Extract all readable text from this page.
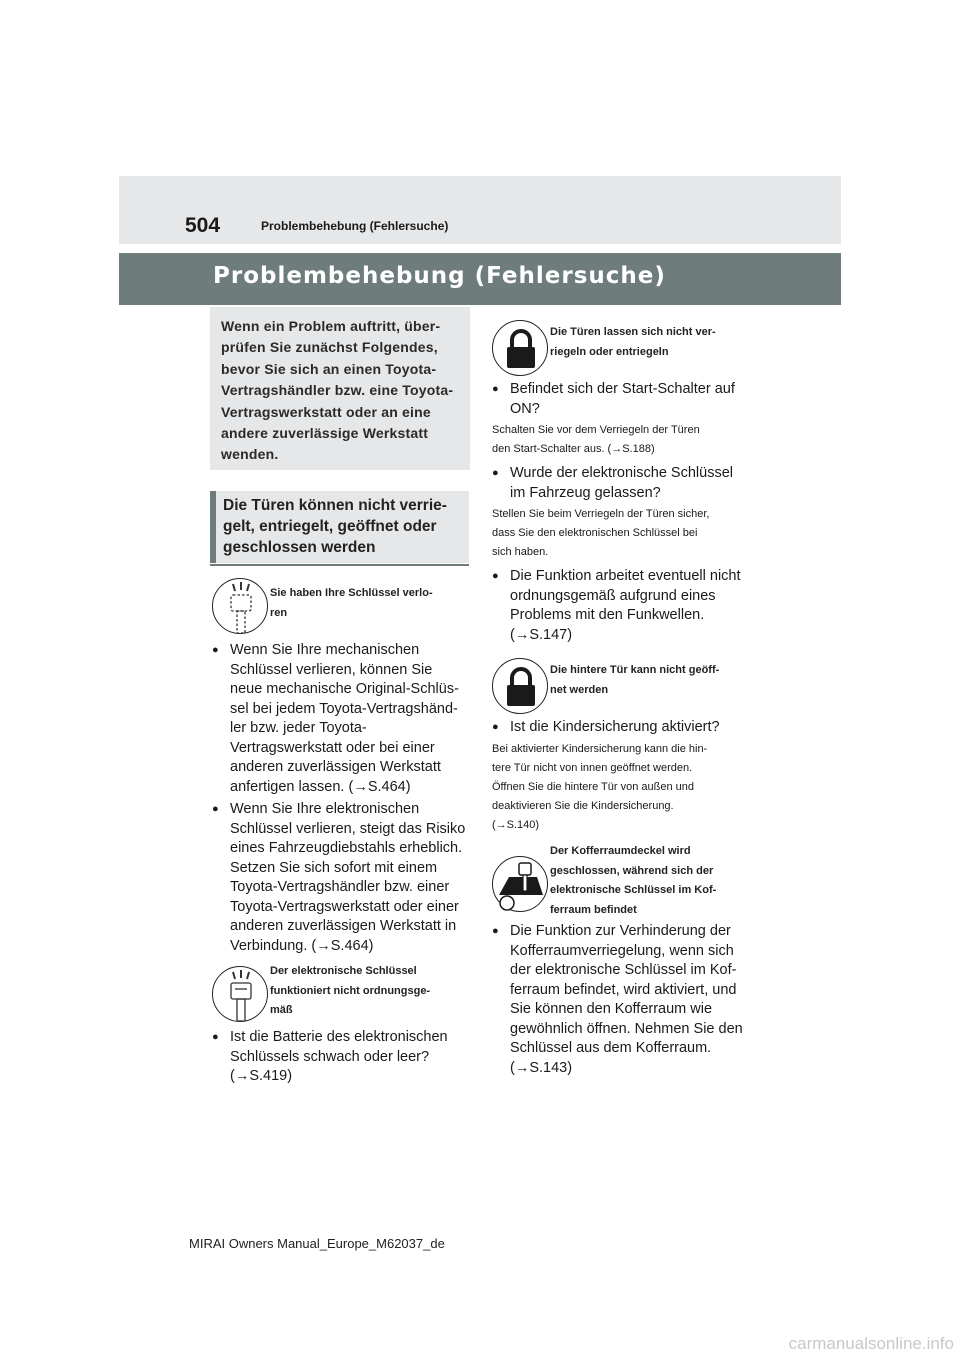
504	Problembehebung (Fehlersuche)
Problembehebung (Fehlersuche)
Wenn ein Problem auftritt, über-
prüfen Sie zunächst Folgendes,
bevor Sie sich an einen Toyota-
Vertragshändler bzw. eine Toyota-
Vertragswerkstatt oder an eine
andere zuverlässige Werkstatt
wenden.
Die Türen können nicht verrie-
gelt, entriegelt, geöffnet oder
geschlossen werden
Sie haben Ihre Schlüssel verlo-
ren
● Wenn Sie Ihre mechanischen
Schlüssel verlieren, können Sie
neue mechanische Original-Schlüs-
sel bei jedem Toyota-Vertragshänd-
ler bzw. jeder Toyota-
Vertragswerkstatt oder bei einer
anderen zuverlässigen Werkstatt
anfertigen lassen. (→S.464)
● Wenn Sie Ihre elektronischen
Schlüssel verlieren, steigt das Risiko
eines Fahrzeugdiebstahls erheblich.
Setzen Sie sich sofort mit einem
Toyota-Vertragshändler bzw. einer
Toyota-Vertragswerkstatt oder einer
anderen zuverlässigen Werkstatt in
Verbindung. (→S.464)
Der elektronische Schlüssel
funktioniert nicht ordnungsge-
mäß
● Ist die Batterie des elektronischen
Schlüssels schwach oder leer?
(→S.419)
Die Türen lassen sich nicht ver-
riegeln oder entriegeln
● Befindet sich der Start-Schalter auf
ON?
Schalten Sie vor dem Verriegeln der Türen
den Start-Schalter aus. (→S.188)
● Wurde der elektronische Schlüssel
im Fahrzeug gelassen?
Stellen Sie beim Verriegeln der Türen sicher,
dass Sie den elektronischen Schlüssel bei
sich haben.
● Die Funktion arbeitet eventuell nicht
ordnungsgemäß aufgrund eines
Problems mit den Funkwellen.
(→S.147)
Die hintere Tür kann nicht geöff-
net werden
● Ist die Kindersicherung aktiviert?
Bei aktivierter Kindersicherung kann die hin-
tere Tür nicht von innen geöffnet werden.
Öffnen Sie die hintere Tür von außen und
deaktivieren Sie die Kindersicherung.
(→S.140)
Der Kofferraumdeckel wird
geschlossen, während sich der
elektronische Schlüssel im Kof-
ferraum befindet
● Die Funktion zur Verhinderung der
Kofferraumverriegelung, wenn sich
der elektronische Schlüssel im Kof-
ferraum befindet, wird aktiviert, und
Sie können den Kofferraum wie
gewöhnlich öffnen. Nehmen Sie den
Schlüssel aus dem Kofferraum.
(→S.143)
MIRAI Owners Manual_Europe_M62037_de
carmanualsonline.info
